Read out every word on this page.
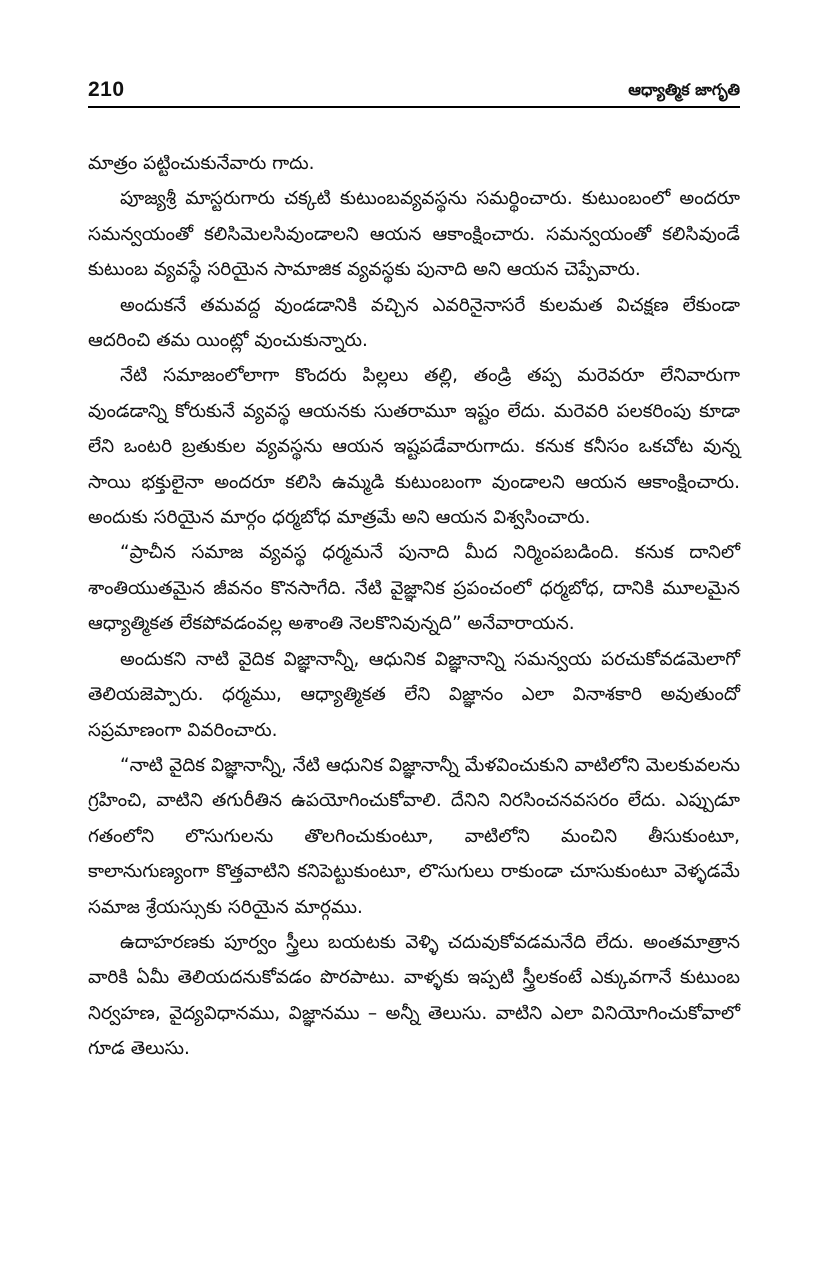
210	ఆధ్యాత్మిక జాగృతి

మాత్రం పట్టించుకునేవారు గాదు.

పూజ్యశ్రీ మాస్టరుగారు చక్కటి కుటుంబవ్యవస్థను సమర్థించారు. కుటుంబంలో అందరూ సమన్వయంతో కలిసిమెలసివుండాలని ఆయన ఆకాంక్షించారు. సమన్వయంతో కలిసివుండే కుటుంబ వ్యవస్థే సరియైన సామాజిక వ్యవస్థకు పునాది అని ఆయన చెప్పేవారు.

అందుకనే తమవద్ద వుండడానికి వచ్చిన ఎవరినైనాసరే కులమత విచక్షణ లేకుండా ఆదరించి తమ యింట్లో వుంచుకున్నారు.

నేటి సమాజంలోలాగా కొందరు పిల్లలు తల్లి, తండ్రి తప్ప మరెవరూ లేనివారుగా వుండడాన్ని కోరుకునే వ్యవస్థ ఆయనకు సుతరామూ ఇష్టం లేదు. మరెవరి పలకరింపు కూడా లేని ఒంటరి బ్రతుకుల వ్యవస్థను ఆయన ఇష్టపడేవారుగాదు. కనుక కనీసం ఒకచోట వున్న సాయి భక్తులైనా అందరూ కలిసి ఉమ్మడి కుటుంబంగా వుండాలని ఆయన ఆకాంక్షించారు. అందుకు సరియైన మార్గం ధర్మబోధ మాత్రమే అని ఆయన విశ్వసించారు.

“ప్రాచీన సమాజ వ్యవస్థ ధర్మమనే పునాది మీద నిర్మింపబడింది. కనుక దానిలో శాంతియుతమైన జీవనం కొనసాగేది. నేటి వైజ్ఞానిక ప్రపంచంలో ధర్మబోధ, దానికి మూలమైన ఆధ్యాత్మికత లేకపోవడంవల్ల అశాంతి నెలకొనివున్నది” అనేవారాయన.

అందుకని నాటి వైదిక విజ్ఞానాన్నీ, ఆధునిక విజ్ఞానాన్ని సమన్వయ పరచుకోవడమెలాగో తెలియజెప్పారు. ధర్మము, ఆధ్యాత్మికత లేని విజ్ఞానం ఎలా వినాశకారి అవుతుందో సప్రమాణంగా వివరించారు.

“నాటి వైదిక విజ్ఞానాన్నీ, నేటి ఆధునిక విజ్ఞానాన్నీ మేళవించుకుని వాటిలోని మెలకువలను గ్రహించి, వాటిని తగురీతిన ఉపయోగించుకోవాలి. దేనిని నిరసించనవసరం లేదు. ఎప్పుడూ గతంలోని లొసుగులను తొలగించుకుంటూ, వాటిలోని మంచిని తీసుకుంటూ, కాలానుగుణ్యంగా కొత్తవాటిని కనిపెట్టుకుంటూ, లొసుగులు రాకుండా చూసుకుంటూ వెళ్ళడమే సమాజ శ్రేయస్సుకు సరియైన మార్గము.

ఉదాహరణకు పూర్వం స్త్రీలు బయటకు వెళ్ళి చదువుకోవడమనేది లేదు. అంతమాత్రాన వారికి ఏమీ తెలియదనుకోవడం పొరపాటు. వాళ్ళకు ఇప్పటి స్త్రీలకంటే ఎక్కువగానే కుటుంబ నిర్వహణ, వైద్యవిధానము, విజ్ఞానము – అన్నీ తెలుసు. వాటిని ఎలా వినియోగించుకోవాలో గూడ తెలుసు.
